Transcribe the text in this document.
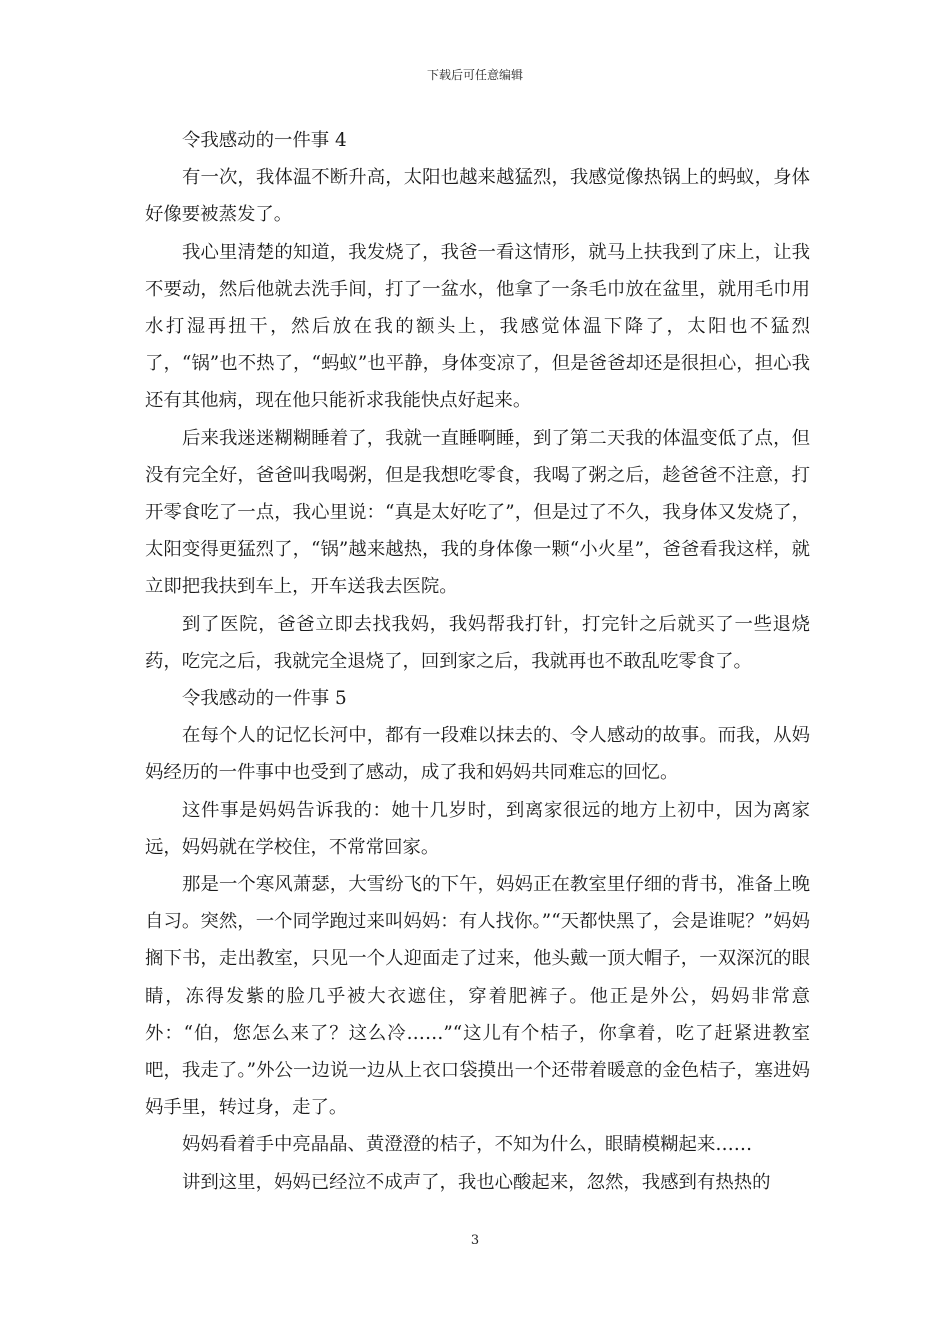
下载后可任意编辑

令我感动的一件事 4

有一次，我体温不断升高，太阳也越来越猛烈，我感觉像热锅上的蚂蚁，身体好像要被蒸发了。

我心里清楚的知道，我发烧了，我爸一看这情形，就马上扶我到了床上，让我不要动，然后他就去洗手间，打了一盆水，他拿了一条毛巾放在盆里，就用毛巾用水打湿再扭干，然后放在我的额头上，我感觉体温下降了，太阳也不猛烈了，“锅”也不热了，“蚂蚁”也平静，身体变凉了，但是爸爸却还是很担心，担心我还有其他病，现在他只能祈求我能快点好起来。

后来我迷迷糊糊睡着了，我就一直睡啊睡，到了第二天我的体温变低了点，但没有完全好，爸爸叫我喝粥，但是我想吃零食，我喝了粥之后，趁爸爸不注意，打开零食吃了一点，我心里说：“真是太好吃了”，但是过了不久，我身体又发烧了，太阳变得更猛烈了，“锅”越来越热，我的身体像一颗“小火星”，爸爸看我这样，就立即把我扶到车上，开车送我去医院。

到了医院，爸爸立即去找我妈，我妈帮我打针，打完针之后就买了一些退烧药，吃完之后，我就完全退烧了，回到家之后，我就再也不敢乱吃零食了。

令我感动的一件事 5

在每个人的记忆长河中，都有一段难以抹去的、令人感动的故事。而我，从妈妈经历的一件事中也受到了感动，成了我和妈妈共同难忘的回忆。

这件事是妈妈告诉我的：她十几岁时，到离家很远的地方上初中，因为离家远，妈妈就在学校住，不常常回家。

那是一个寒风萧瑟，大雪纷飞的下午，妈妈正在教室里仔细的背书，准备上晚自习。突然，一个同学跑过来叫妈妈：有人找你。”“天都快黑了，会是谁呢？”妈妈搁下书，走出教室，只见一个人迎面走了过来，他头戴一顶大帽子，一双深沉的眼睛，冻得发紫的脸几乎被大衣遮住，穿着肥裤子。他正是外公，妈妈非常意外：“伯，您怎么来了？这么冷……”“这儿有个桔子，你拿着，吃了赶紧进教室吧，我走了。”外公一边说一边从上衣口袋摸出一个还带着暖意的金色桔子，塞进妈妈手里，转过身，走了。

妈妈看着手中亮晶晶、黄澄澄的桔子，不知为什么，眼睛模糊起来……

讲到这里，妈妈已经泣不成声了，我也心酸起来，忽然，我感到有热热的

3
